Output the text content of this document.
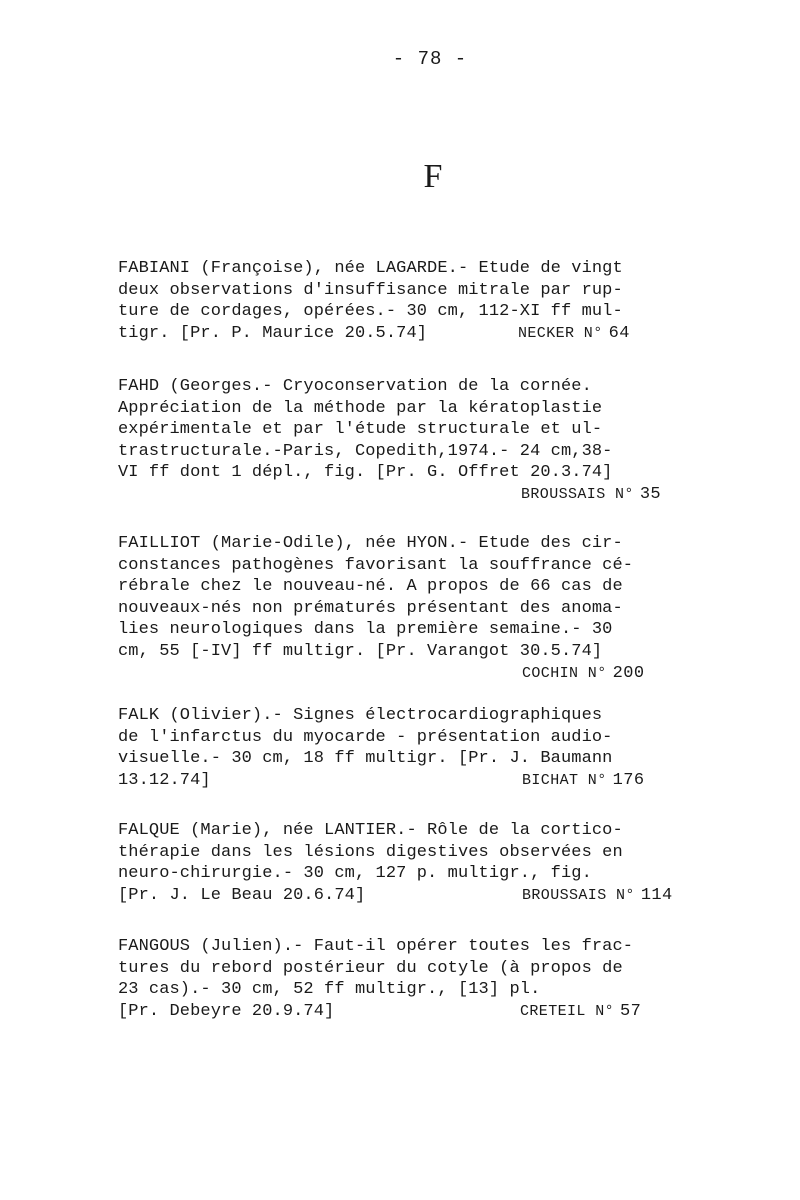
- 78 -
F
FABIANI (Françoise), née LAGARDE.- Etude de vingt
deux observations d'insuffisance mitrale par rup-
ture de cordages, opérées.- 30 cm, 112-XI ff mul-
tigr. [Pr. P. Maurice 20.5.74]	NECKER N° 64
FAHD (Georges.- Cryoconservation de la cornée.
Appréciation de la méthode par la kératoplastie
expérimentale et par l'étude structurale et ul-
trastructurale.-Paris, Copedith,1974.- 24 cm,38-
VI ff dont 1 dépl., fig. [Pr. G. Offret 20.3.74]
BROUSSAIS N° 35
FAILLIOT (Marie-Odile), née HYON.- Etude des cir-
constances pathogènes favorisant la souffrance cé-
rébrale chez le nouveau-né. A propos de 66 cas de
nouveaux-nés non prématurés présentant des anoma-
lies neurologiques dans la première semaine.- 30
cm, 55 [-IV] ff multigr. [Pr. Varangot 30.5.74]
COCHIN N° 200
FALK (Olivier).- Signes électrocardiographiques
de l'infarctus du myocarde - présentation audio-
visuelle.- 30 cm, 18 ff multigr. [Pr. J. Baumann
13.12.74]	BICHAT N° 176
FALQUE (Marie), née LANTIER.- Rôle de la cortico-
thérapie dans les lésions digestives observées en
neuro-chirurgie.- 30 cm, 127 p. multigr., fig.
[Pr. J. Le Beau 20.6.74]	BROUSSAIS N° 114
FANGOUS (Julien).- Faut-il opérer toutes les frac-
tures du rebord postérieur du cotyle (à propos de
23 cas).- 30 cm, 52 ff multigr., [13] pl.
[Pr. Debeyre 20.9.74]	CRETEIL N° 57
